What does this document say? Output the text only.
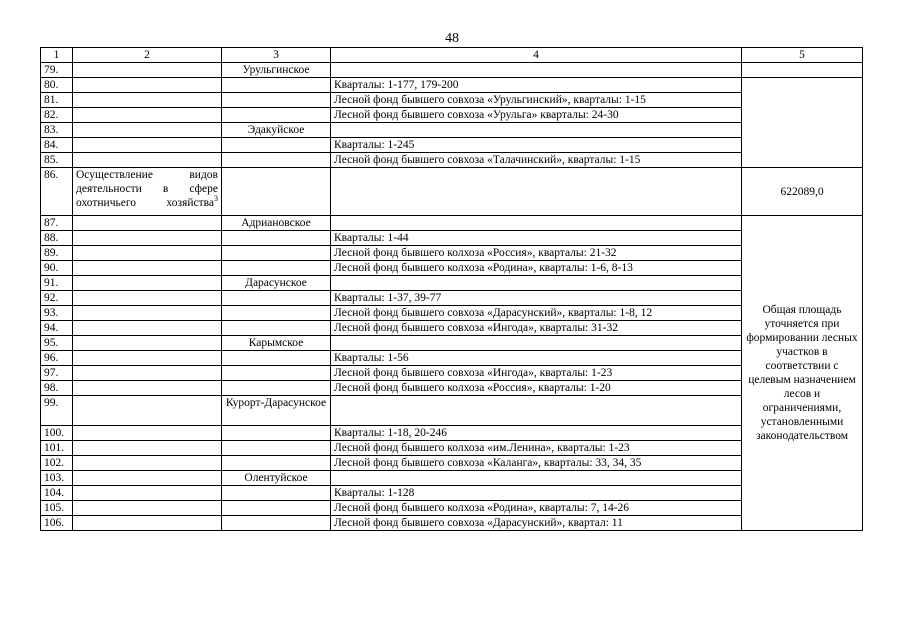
48
1	2	3	4	5
79.		Урульгинское		
80.			Кварталы: 1-177, 179-200	
81.			Лесной фонд бывшего совхоза «Урульгинский», кварталы: 1-15	
82.			Лесной фонд бывшего совхоза «Урульга» кварталы: 24-30	
83.		Эдакуйское		
84.			Кварталы: 1-245	
85.			Лесной фонд бывшего совхоза «Талачинский», кварталы: 1-15	
86.	Осуществление видов деятельности в сфере охотничьего хозяйства$^3$			622089,0
87.		Адриановское		Общая площадь уточняется при формировании лесных участков в соответствии с целевым назначением лесов и ограничениями, установленными законодательством
88.			Кварталы: 1-44	
89.			Лесной фонд бывшего колхоза «Россия», кварталы: 21-32	
90.			Лесной фонд бывшего колхоза «Родина», кварталы: 1-6, 8-13	
91.		Дарасунское		
92.			Кварталы: 1-37, 39-77	
93.			Лесной фонд бывшего совхоза «Дарасунский», кварталы: 1-8, 12	
94.			Лесной фонд бывшего совхоза «Ингода», кварталы: 31-32	
95.		Карымское		
96.			Кварталы: 1-56	
97.			Лесной фонд бывшего совхоза «Ингода», кварталы: 1-23	
98.			Лесной фонд бывшего колхоза «Россия», кварталы: 1-20	
99.		Курорт-Дарасунское		
100.			Кварталы: 1-18, 20-246	
101.			Лесной фонд бывшего колхоза «им.Ленина», кварталы: 1-23	
102.			Лесной фонд бывшего совхоза «Каланга», кварталы: 33, 34, 35	
103.		Олентуйское		
104.			Кварталы: 1-128	
105.			Лесной фонд бывшего колхоза «Родина», кварталы: 7, 14-26	
106.			Лесной фонд бывшего совхоза «Дарасунский», квартал: 11	
